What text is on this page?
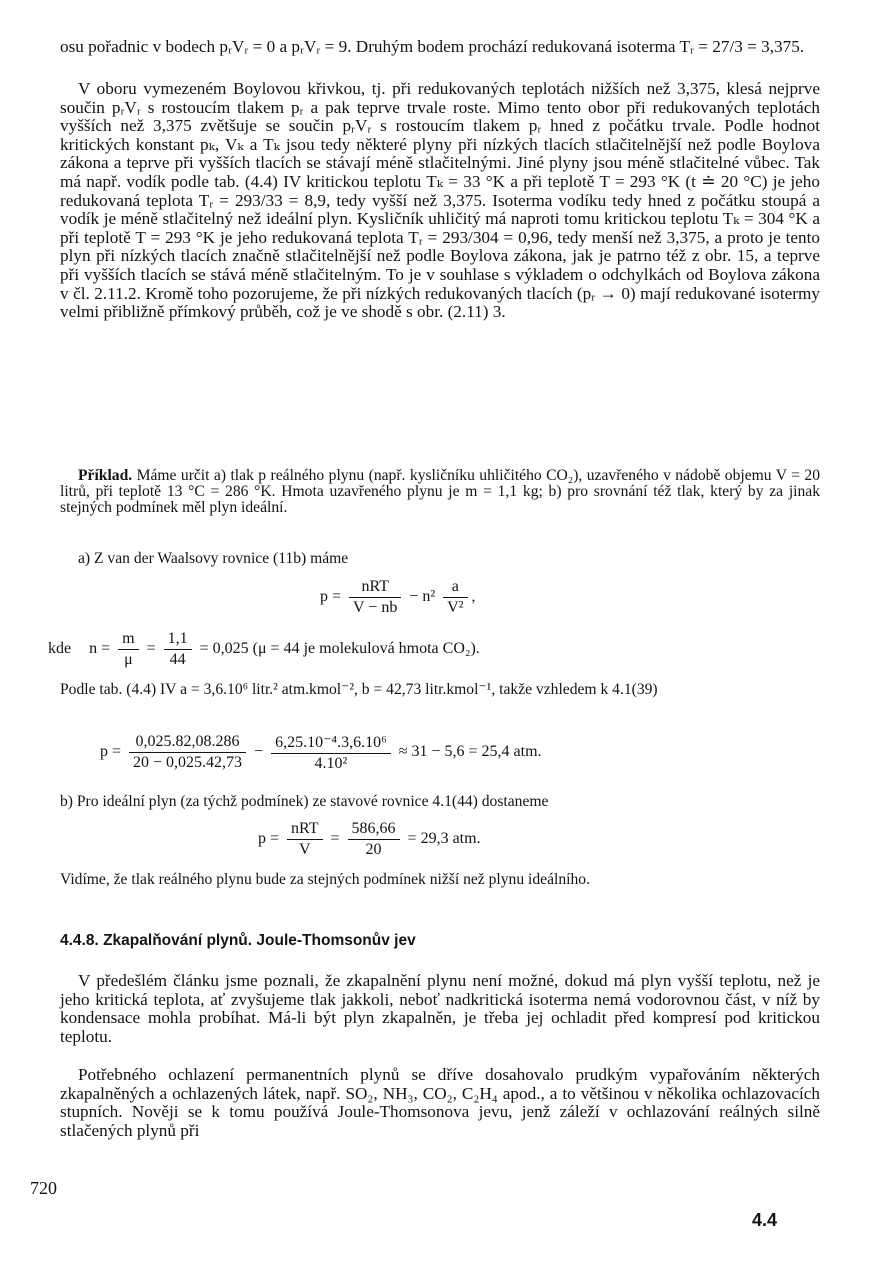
osu pořadnic v bodech pᵣVᵣ = 0 a pᵣVᵣ = 9. Druhým bodem prochází redukovaná isoterma Tᵣ = 27/3 = 3,375.

V oboru vymezeném Boylovou křivkou, tj. při redukovaných teplotách nižších než 3,375, klesá nejprve součin pᵣVᵣ s rostoucím tlakem pᵣ a pak teprve trvale roste. Mimo tento obor při redukovaných teplotách vyšších než 3,375 zvětšuje se součin pᵣVᵣ s rostoucím tlakem pᵣ hned z počátku trvale. Podle hodnot kritických konstant pₖ, Vₖ a Tₖ jsou tedy některé plyny při nízkých tlacích stlačitelnější než podle Boylova zákona a teprve při vyšších tlacích se stávají méně stlačitelnými. Jiné plyny jsou méně stlačitelné vůbec. Tak má např. vodík podle tab. (4.4) IV kritickou teplotu Tₖ = 33 °K a při teplotě T = 293 °K (t ≐ 20 °C) je jeho redukovaná teplota Tᵣ = 293/33 = 8,9, tedy vyšší než 3,375. Isoterma vodíku tedy hned z počátku stoupá a vodík je méně stlačitelný než ideální plyn. Kysličník uhličitý má naproti tomu kritickou teplotu Tₖ = 304 °K a při teplotě T = 293 °K je jeho redukovaná teplota Tᵣ = 293/304 = 0,96, tedy menší než 3,375, a proto je tento plyn při nízkých tlacích značně stlačitelnější než podle Boylova zákona, jak je patrno též z obr. 15, a teprve při vyšších tlacích se stává méně stlačitelným. To je v souhlase s výkladem o odchylkách od Boylova zákona v čl. 2.11.2. Kromě toho pozorujeme, že při nízkých redukovaných tlacích (pᵣ → 0) mají redukované isotermy velmi přibližně přímkový průběh, což je ve shodě s obr. (2.11) 3.

Příklad. Máme určit a) tlak p reálného plynu (např. kysličníku uhličitého CO₂), uzavřeného v nádobě objemu V = 20 litrů, při teplotě 13 °C = 286 °K. Hmota uzavřeného plynu je m = 1,1 kg; b) pro srovnání též tlak, který by za jinak stejných podmínek měl plyn ideální.

a) Z van der Waalsovy rovnice (11b) máme

$p = \frac{\text{nRT}}{V - nb} - n^2 \frac{a}{\text{V²}}$ ,
kde $n = \frac{m}{\mu} = \frac{1,1}{44} = 0,025$ (μ = 44 je molekulová hmota CO₂).

Podle tab. (4.4) IV a = 3,6.10⁶ litr.² atm.kmol⁻², b = 42,73 litr.kmol⁻¹, takže vzhledem k 4.1(39)

$p = \frac{0,025.82,08.286}{20 - 0,025.42,73} - \frac{\text{6,25.10⁻⁴.3,6.10⁶}}{\text{4.10²}} \approx 31 - 5,6 = 25,4$ atm.

b) Pro ideální plyn (za týchž podmínek) ze stavové rovnice 4.1(44) dostaneme

$p = \frac{\text{nRT}}{V} = \frac{586,66}{20} = 29,3$ atm.

Vidíme, že tlak reálného plynu bude za stejných podmínek nižší než plynu ideálního.

4.4.8. Zkapalňování plynů. Joule-Thomsonův jev

V předešlém článku jsme poznali, že zkapalnění plynu není možné, dokud má plyn vyšší teplotu, než je jeho kritická teplota, ať zvyšujeme tlak jakkoli, neboť nadkritická isoterma nemá vodorovnou část, v níž by kondensace mohla probíhat. Má-li být plyn zkapalněn, je třeba jej ochladit před kompresí pod kritickou teplotu.

Potřebného ochlazení permanentních plynů se dříve dosahovalo prudkým vypařováním některých zkapalněných a ochlazených látek, např. SO₂, NH₃, CO₂, C₂H₄ apod., a to většinou v několika ochlazovacích stupních. Nověji se k tomu používá Joule-Thomsonova jevu, jenž záleží v ochlazování reálných silně stlačených plynů při

720
4.4
